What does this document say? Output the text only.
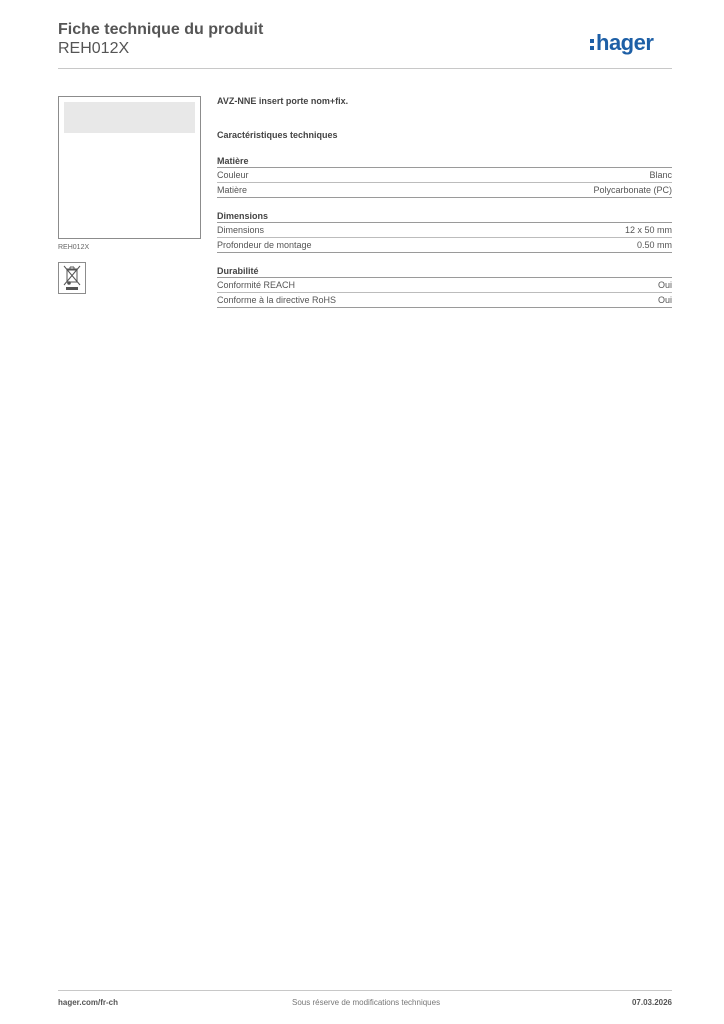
Fiche technique du produit
REH012X	hager
REH012X
AVZ-NNE insert porte nom+fix.
Caractéristiques techniques
Matière
Couleur	Blanc
Matière	Polycarbonate (PC)
Dimensions
Dimensions	12 x 50 mm
Profondeur de montage	0.50 mm
Durabilité
Conformité REACH	Oui
Conforme à la directive RoHS	Oui
hager.com/fr-ch	Sous réserve de modifications techniques	07.03.2026
